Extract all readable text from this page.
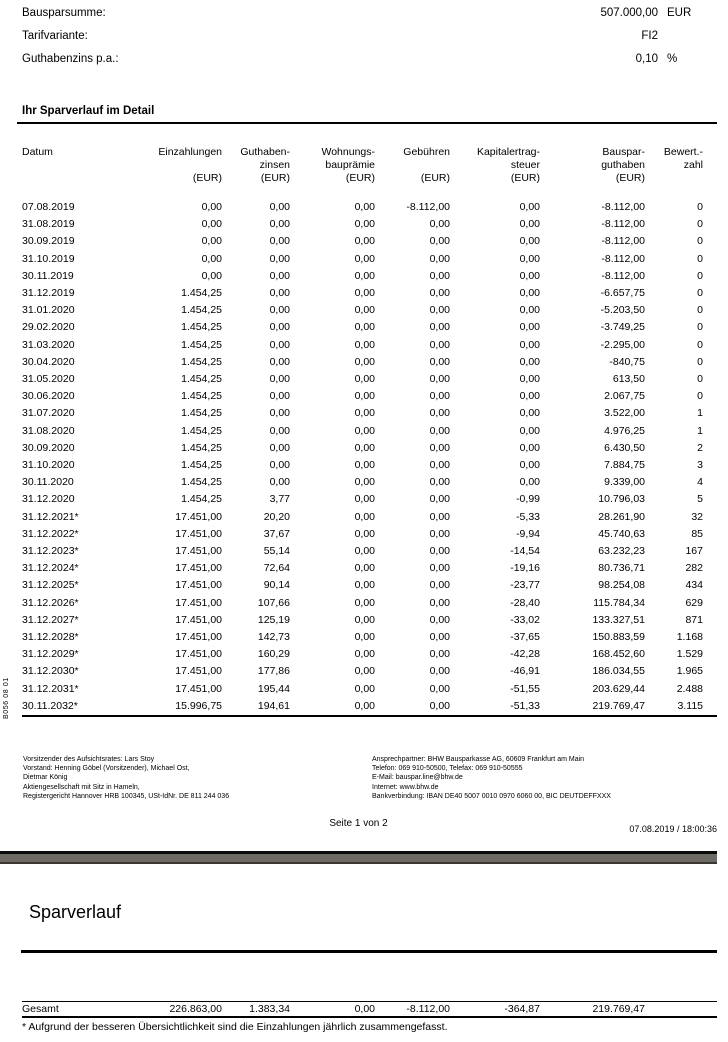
Bausparsumme:	507.000,00 EUR
Tarifvariante:	FI2
Guthabenzins p.a.:	0,10 %
Ihr Sparverlauf im Detail
Datum	Einzahlungen	Guthaben-	Wohnungs-	Gebühren	Kapitalertrag-	Bauspar-	Bewert.-
		zinsen	bauprämie		steuer	guthaben	zahl
	(EUR)	(EUR)	(EUR)	(EUR)	(EUR)	(EUR)	

07.08.2019	0,00	0,00	0,00	-8.112,00	0,00	-8.112,00	0
31.08.2019	0,00	0,00	0,00	0,00	0,00	-8.112,00	0
30.09.2019	0,00	0,00	0,00	0,00	0,00	-8.112,00	0
31.10.2019	0,00	0,00	0,00	0,00	0,00	-8.112,00	0
30.11.2019	0,00	0,00	0,00	0,00	0,00	-8.112,00	0
31.12.2019	1.454,25	0,00	0,00	0,00	0,00	-6.657,75	0
31.01.2020	1.454,25	0,00	0,00	0,00	0,00	-5.203,50	0
29.02.2020	1.454,25	0,00	0,00	0,00	0,00	-3.749,25	0
31.03.2020	1.454,25	0,00	0,00	0,00	0,00	-2.295,00	0
30.04.2020	1.454,25	0,00	0,00	0,00	0,00	-840,75	0
31.05.2020	1.454,25	0,00	0,00	0,00	0,00	613,50	0
30.06.2020	1.454,25	0,00	0,00	0,00	0,00	2.067,75	0
31.07.2020	1.454,25	0,00	0,00	0,00	0,00	3.522,00	1
31.08.2020	1.454,25	0,00	0,00	0,00	0,00	4.976,25	1
30.09.2020	1.454,25	0,00	0,00	0,00	0,00	6.430,50	2
31.10.2020	1.454,25	0,00	0,00	0,00	0,00	7.884,75	3
30.11.2020	1.454,25	0,00	0,00	0,00	0,00	9.339,00	4
31.12.2020	1.454,25	3,77	0,00	0,00	-0,99	10.796,03	5
31.12.2021*	17.451,00	20,20	0,00	0,00	-5,33	28.261,90	32
31.12.2022*	17.451,00	37,67	0,00	0,00	-9,94	45.740,63	85
31.12.2023*	17.451,00	55,14	0,00	0,00	-14,54	63.232,23	167
31.12.2024*	17.451,00	72,64	0,00	0,00	-19,16	80.736,71	282
31.12.2025*	17.451,00	90,14	0,00	0,00	-23,77	98.254,08	434
31.12.2026*	17.451,00	107,66	0,00	0,00	-28,40	115.784,34	629
31.12.2027*	17.451,00	125,19	0,00	0,00	-33,02	133.327,51	871
31.12.2028*	17.451,00	142,73	0,00	0,00	-37,65	150.883,59	1.168
31.12.2029*	17.451,00	160,29	0,00	0,00	-42,28	168.452,60	1.529
31.12.2030*	17.451,00	177,86	0,00	0,00	-46,91	186.034,55	1.965
31.12.2031*	17.451,00	195,44	0,00	0,00	-51,55	203.629,44	2.488
30.11.2032*	15.996,75	194,61	0,00	0,00	-51,33	219.769,47	3.115
B056 08 01
Vorsitzender des Aufsichtsrates: Lars Stoy
Vorstand: Henning Göbel (Vorsitzender), Michael Ost,
Dietmar König
Aktiengesellschaft mit Sitz in Hameln,
Registergericht Hannover HRB 100345, USt-IdNr. DE 811 244 036
Ansprechpartner: BHW Bausparkasse AG, 60609 Frankfurt am Main
Telefon: 069 910-50500, Telefax: 069 910-50555
E-Mail: bauspar.line@bhw.de
Internet: www.bhw.de
Bankverbindung: IBAN DE40 5007 0010 0970 6060 00, BIC DEUTDEFFXXX
Seite 1 von 2	07.08.2019 / 18:00:36
Sparverlauf
Gesamt	226.863,00	1.383,34	0,00	-8.112,00	-364,87	219.769,47	
* Aufgrund der besseren Übersichtlichkeit sind die Einzahlungen jährlich zusammengefasst.
